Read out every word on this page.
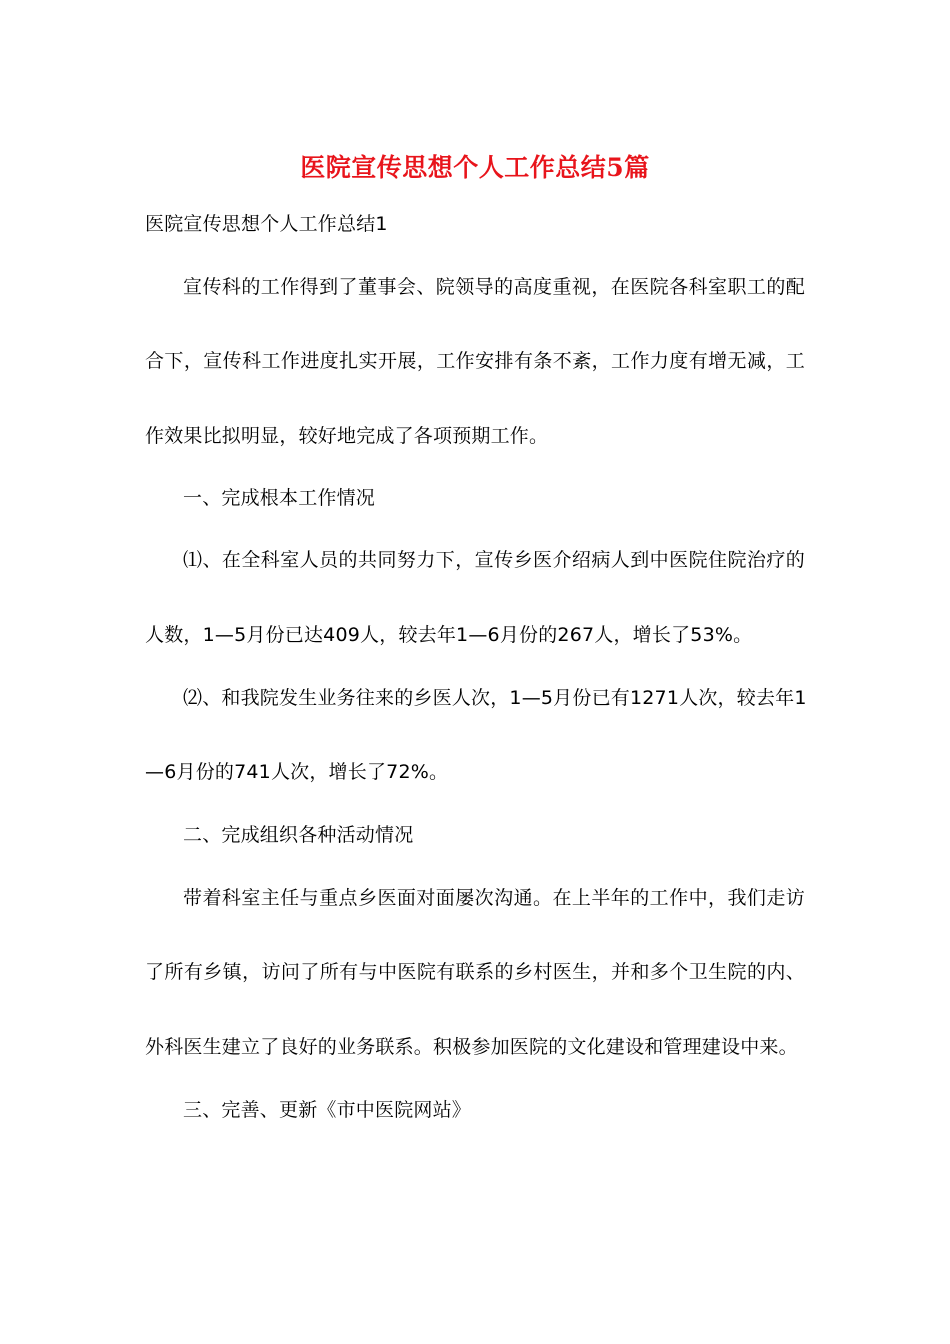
医院宣传思想个人工作总结5篇
医院宣传思想个人工作总结1
宣传科的工作得到了董事会、院领导的高度重视，在医院各科室职工的配
合下，宣传科工作进度扎实开展，工作安排有条不紊，工作力度有增无减，工
作效果比拟明显，较好地完成了各项预期工作。
一、完成根本工作情况
⑴、在全科室人员的共同努力下，宣传乡医介绍病人到中医院住院治疗的
人数，1—5月份已达409人，较去年1—6月份的267人，增长了53%。
⑵、和我院发生业务往来的乡医人次，1—5月份已有1271人次，较去年1
—6月份的741人次，增长了72%。
二、完成组织各种活动情况
带着科室主任与重点乡医面对面屡次沟通。在上半年的工作中，我们走访
了所有乡镇，访问了所有与中医院有联系的乡村医生，并和多个卫生院的内、
外科医生建立了良好的业务联系。积极参加医院的文化建设和管理建设中来。
三、完善、更新《市中医院网站》
